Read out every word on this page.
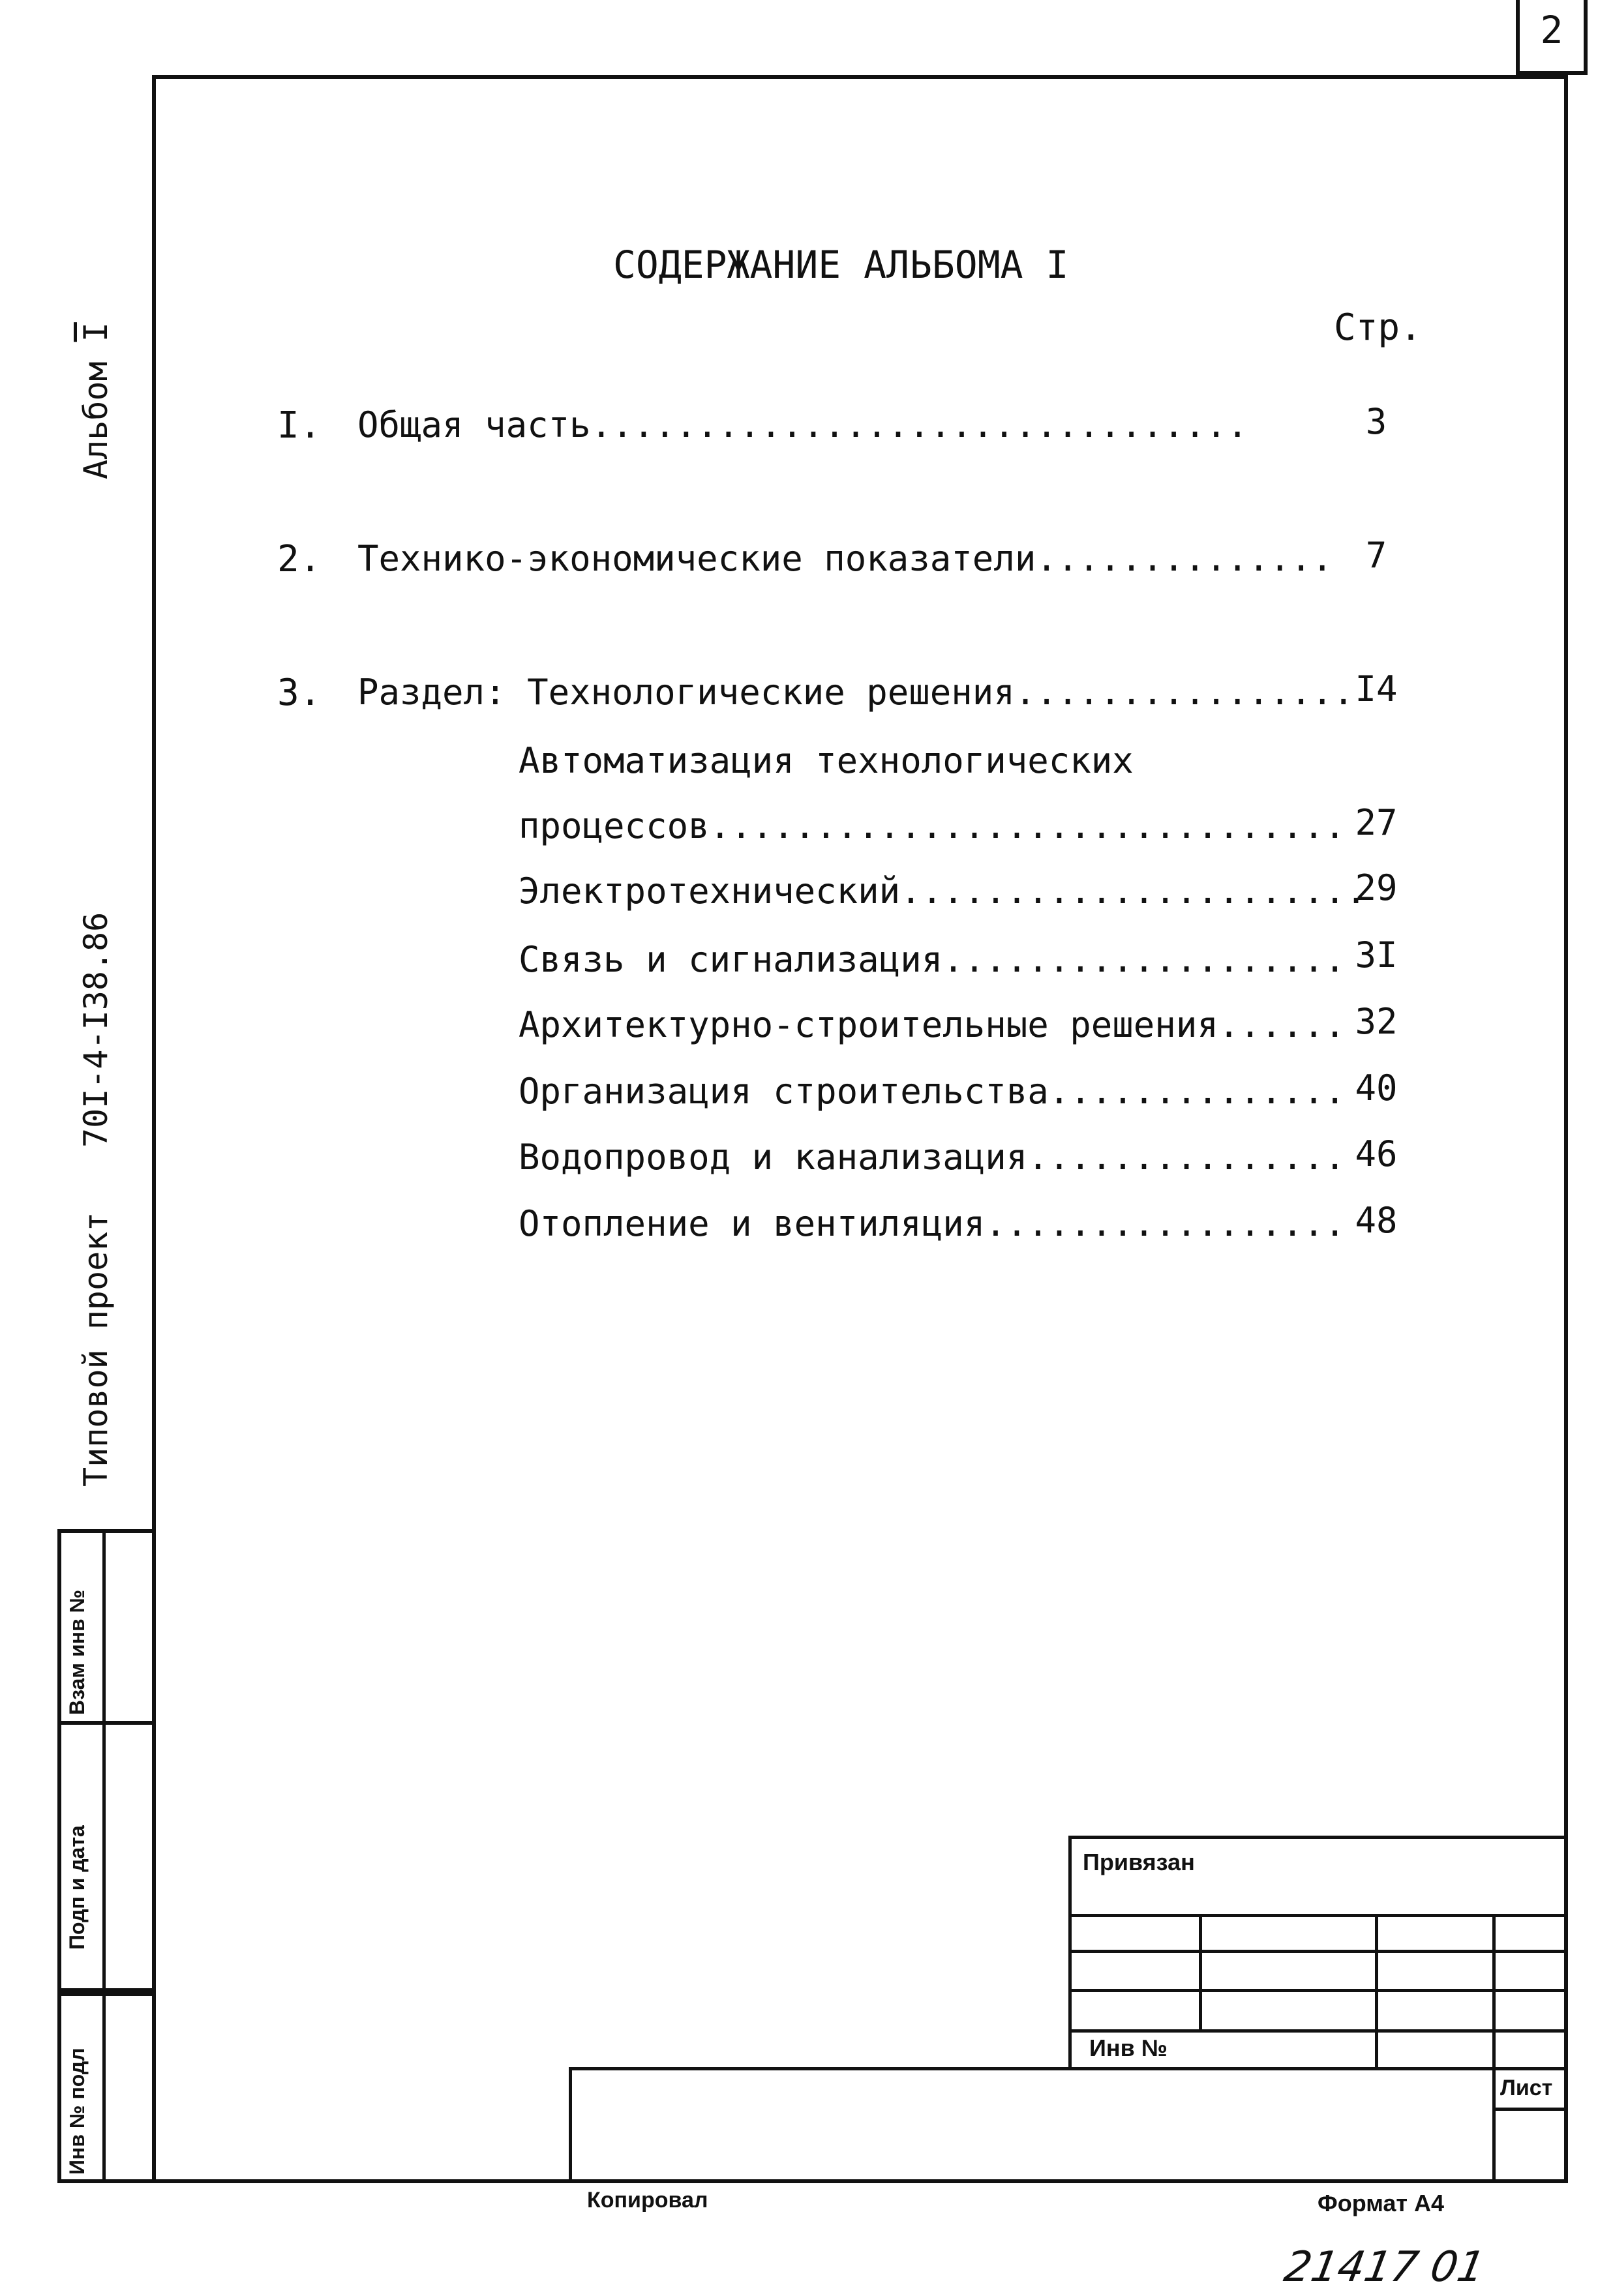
2
Альбом $\overline{I}$
70I-4-I38.86
Типовой проект
Взам инв №
Подп и дата
Инв № подл
СОДЕРЖАНИЕ АЛЬБОМА I
Стр.
I. Общая часть...............................	3
2. Технико-экономические показатели.............. 7
3. Раздел: Технологические решения................ I4
Автоматизация технологических
процессов.............................. 27
Электротехнический......................
29
Связь и сигнализация................... 3I
Архитектурно-строительные решения...... 32
Организация строительства.............. 40
Водопровод и канализация............... 46
Отопление и вентиляция................. 48
Привязан
Инв №
Лист
Копировал	Формат А4
21417 01
